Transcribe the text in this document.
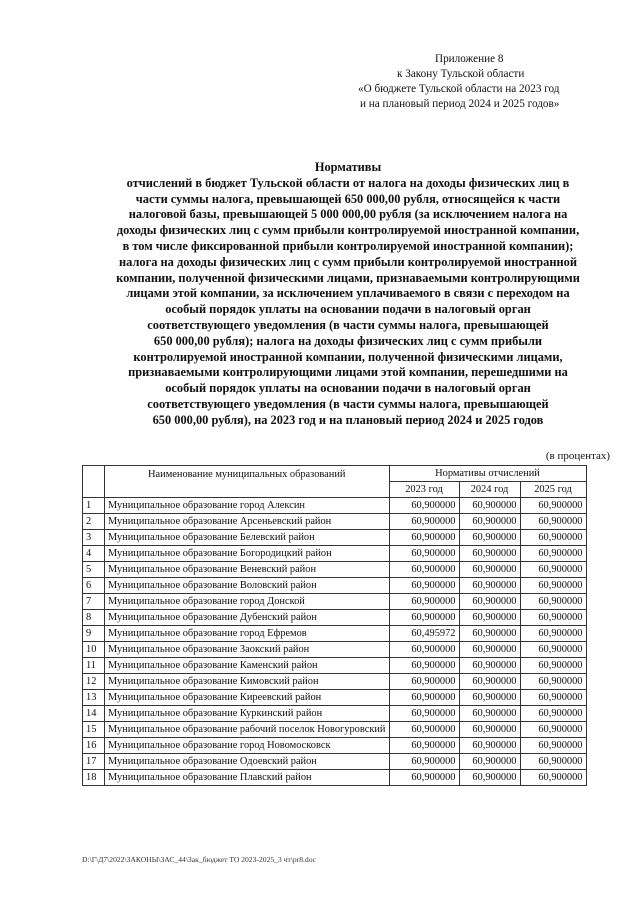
Приложение 8
к Закону Тульской области
«О бюджете Тульской области на 2023 год
и на плановый период 2024 и 2025 годов»
Нормативы
отчислений в бюджет Тульской области от налога на доходы физических лиц в
части суммы налога, превышающей 650 000,00 рубля, относящейся к части
налоговой базы, превышающей 5 000 000,00 рубля (за исключением налога на
доходы физических лиц с сумм прибыли контролируемой иностранной компании,
в том числе фиксированной прибыли контролируемой иностранной компании);
налога на доходы физических лиц с сумм прибыли контролируемой иностранной
компании, полученной физическими лицами, признаваемыми контролирующими
лицами этой компании, за исключением уплачиваемого в связи с переходом на
особый порядок уплаты на основании подачи в налоговый орган
соответствующего уведомления (в части суммы налога, превышающей
650 000,00 рубля); налога на доходы физических лиц с сумм прибыли
контролируемой иностранной компании, полученной физическими лицами,
признаваемыми контролирующими лицами этой компании, перешедшими на
особый порядок уплаты на основании подачи в налоговый орган
соответствующего уведомления (в части суммы налога, превышающей
650 000,00 рубля), на 2023 год и на плановый период 2024 и 2025 годов
(в процентах)
	Наименование муниципальных образований	Нормативы отчислений		
		2023 год	2024 год	2025 год
1	Муниципальное образование город Алексин	60,900000	60,900000	60,900000
2	Муниципальное образование Арсеньевский район	60,900000	60,900000	60,900000
3	Муниципальное образование Белевский район	60,900000	60,900000	60,900000
4	Муниципальное образование Богородицкий район	60,900000	60,900000	60,900000
5	Муниципальное образование Веневский район	60,900000	60,900000	60,900000
6	Муниципальное образование Воловский район	60,900000	60,900000	60,900000
7	Муниципальное образование город Донской	60,900000	60,900000	60,900000
8	Муниципальное образование Дубенский район	60,900000	60,900000	60,900000
9	Муниципальное образование город Ефремов	60,495972	60,900000	60,900000
10	Муниципальное образование Заокский район	60,900000	60,900000	60,900000
11	Муниципальное образование Каменский район	60,900000	60,900000	60,900000
12	Муниципальное образование Кимовский район	60,900000	60,900000	60,900000
13	Муниципальное образование Киреевский район	60,900000	60,900000	60,900000
14	Муниципальное образование Куркинский район	60,900000	60,900000	60,900000
15	Муниципальное образование рабочий поселок Новогуровский	60,900000	60,900000	60,900000
16	Муниципальное образование город Новомосковск	60,900000	60,900000	60,900000
17	Муниципальное образование Одоевский район	60,900000	60,900000	60,900000
18	Муниципальное образование Плавский район	60,900000	60,900000	60,900000
D:\Г\Д7\2022\ЗАКОНЫ\ЗАС_44\Зак_бюджет ТО 2023-2025_3 чт\pr8.doc
